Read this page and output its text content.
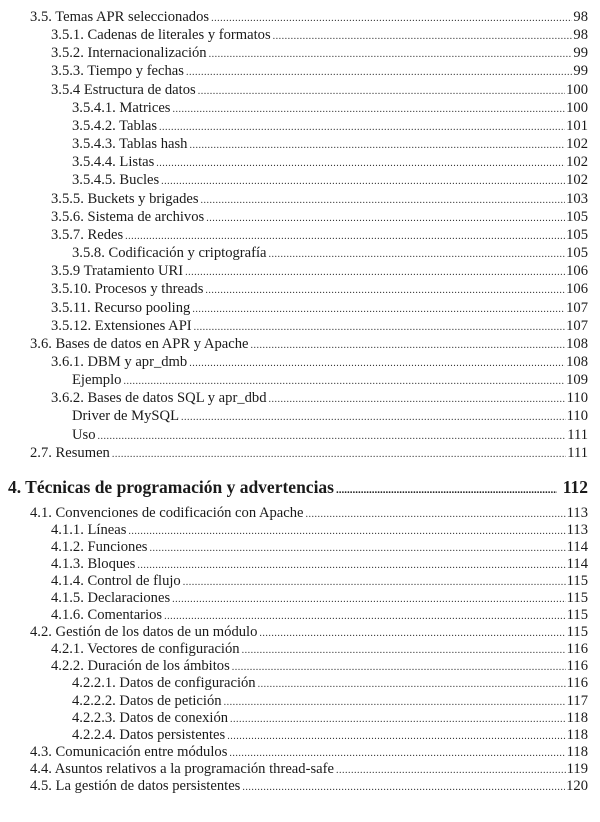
3.5. Temas APR seleccionados .....	98
3.5.1. Cadenas de literales y formatos .....	98
3.5.2. Internacionalización .....	99
3.5.3. Tiempo y fechas .....	99
3.5.4 Estructura de datos .....	100
3.5.4.1. Matrices .....	100
3.5.4.2. Tablas .....	101
3.5.4.3. Tablas hash .....	102
3.5.4.4. Listas .....	102
3.5.4.5. Bucles .....	102
3.5.5. Buckets y brigades .....	103
3.5.6. Sistema de archivos .....	105
3.5.7. Redes .....	105
3.5.8. Codificación y criptografía .....	105
3.5.9 Tratamiento URI .....	106
3.5.10. Procesos y threads .....	106
3.5.11. Recurso pooling .....	107
3.5.12. Extensiones API .....	107
3.6. Bases de datos en APR y Apache .....	108
3.6.1. DBM y apr_dmb .....	108
Ejemplo .....	109
3.6.2. Bases de datos SQL y apr_dbd .....	110
Driver de MySQL .....	110
Uso .....	111
2.7. Resumen .....	111
4. Técnicas de programación y advertencias .....	112
4.1. Convenciones de codificación con Apache .....	113
4.1.1. Líneas .....	113
4.1.2. Funciones .....	114
4.1.3. Bloques .....	114
4.1.4. Control de flujo .....	115
4.1.5. Declaraciones .....	115
4.1.6. Comentarios .....	115
4.2. Gestión de los datos de un módulo .....	115
4.2.1. Vectores de configuración .....	116
4.2.2. Duración de los ámbitos .....	116
4.2.2.1. Datos de configuración .....	116
4.2.2.2. Datos de petición .....	117
4.2.2.3. Datos de conexión .....	118
4.2.2.4. Datos persistentes .....	118
4.3. Comunicación entre módulos .....	118
4.4. Asuntos relativos a la programación thread-safe .....	119
4.5. La gestión de datos persistentes .....	120
